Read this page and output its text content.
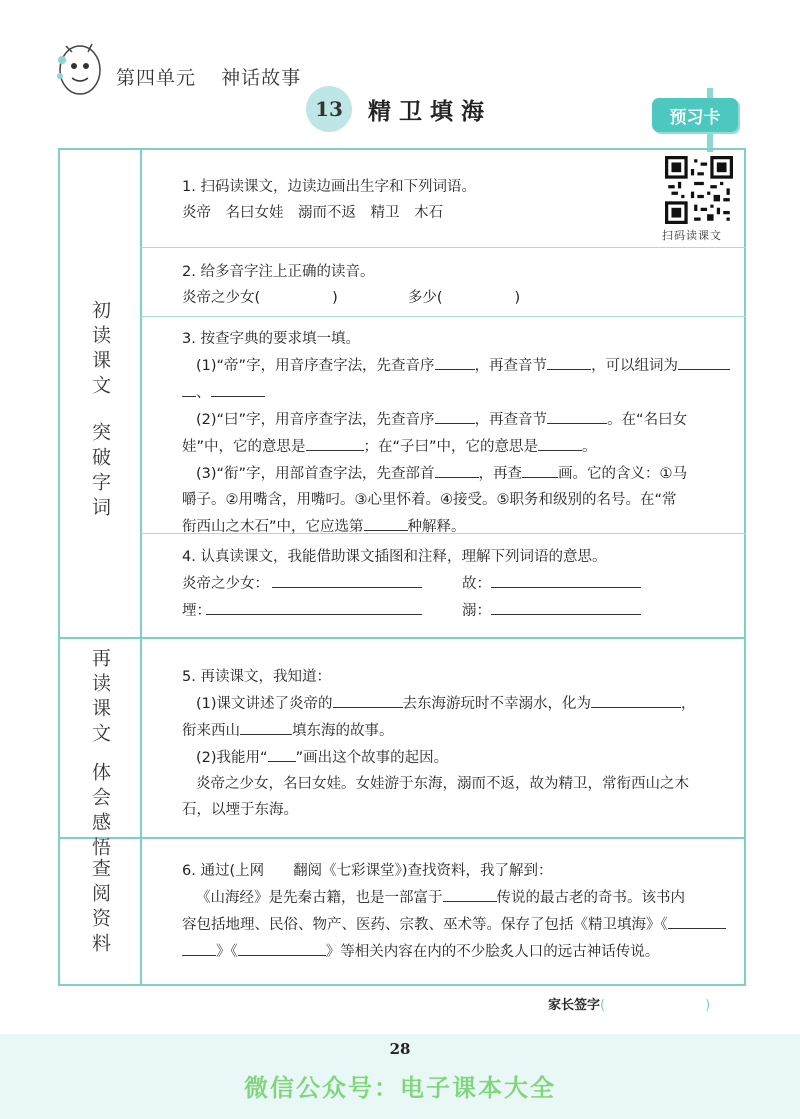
第四单元 神话故事
13	精卫填海	预习卡
初读课文
突破字词
再读课文
体会感悟
查阅资料
扫码读课文
1. 扫码读课文，边读边画出生字和下列词语。
炎帝　名曰女娃　溺而不返　精卫　木石
2. 给多音字注上正确的读音。
炎帝之少女(	)	多少(	)
3. 按查字典的要求填一填。
(1)“帝”字，用音序查字法，先查音序	，再查音节	，可以组词为
、
(2)“曰”字，用音序查字法，先查音序	，再查音节	。在“名曰女
娃”中，它的意思是	；在“子曰”中，它的意思是	。
(3)“衔”字，用部首查字法，先查部首	，再查 画。它的含义：①马
嚼子。②用嘴含，用嘴叼。③心里怀着。④接受。⑤职务和级别的名号。在“常
衔西山之木石”中，它应选第	种解释。
4. 认真读课文，我能借助课文插图和注释，理解下列词语的意思。
炎帝之少女：	故：
堙：	溺：
5. 再读课文，我知道：
(1)课文讲述了炎帝的	去东海游玩时不幸溺水，化为	，
衔来西山	填东海的故事。
(2)我能用“ ”画出这个故事的起因。
炎帝之少女，名曰女娃。女娃游于东海，溺而不返，故为精卫，常衔西山之木
石，以堙于东海。
6. 通过(上网　　翻阅《七彩课堂》)查找资料，我了解到：
《山海经》是先秦古籍，也是一部富于	传说的最古老的奇书。该书内
容包括地理、民俗、物产、医药、宗教、巫术等。保存了包括《精卫填海》《
》《	》等相关内容在内的不少脍炙人口的远古神话传说。
家长签字(	)
28
微信公众号：电子课本大全
